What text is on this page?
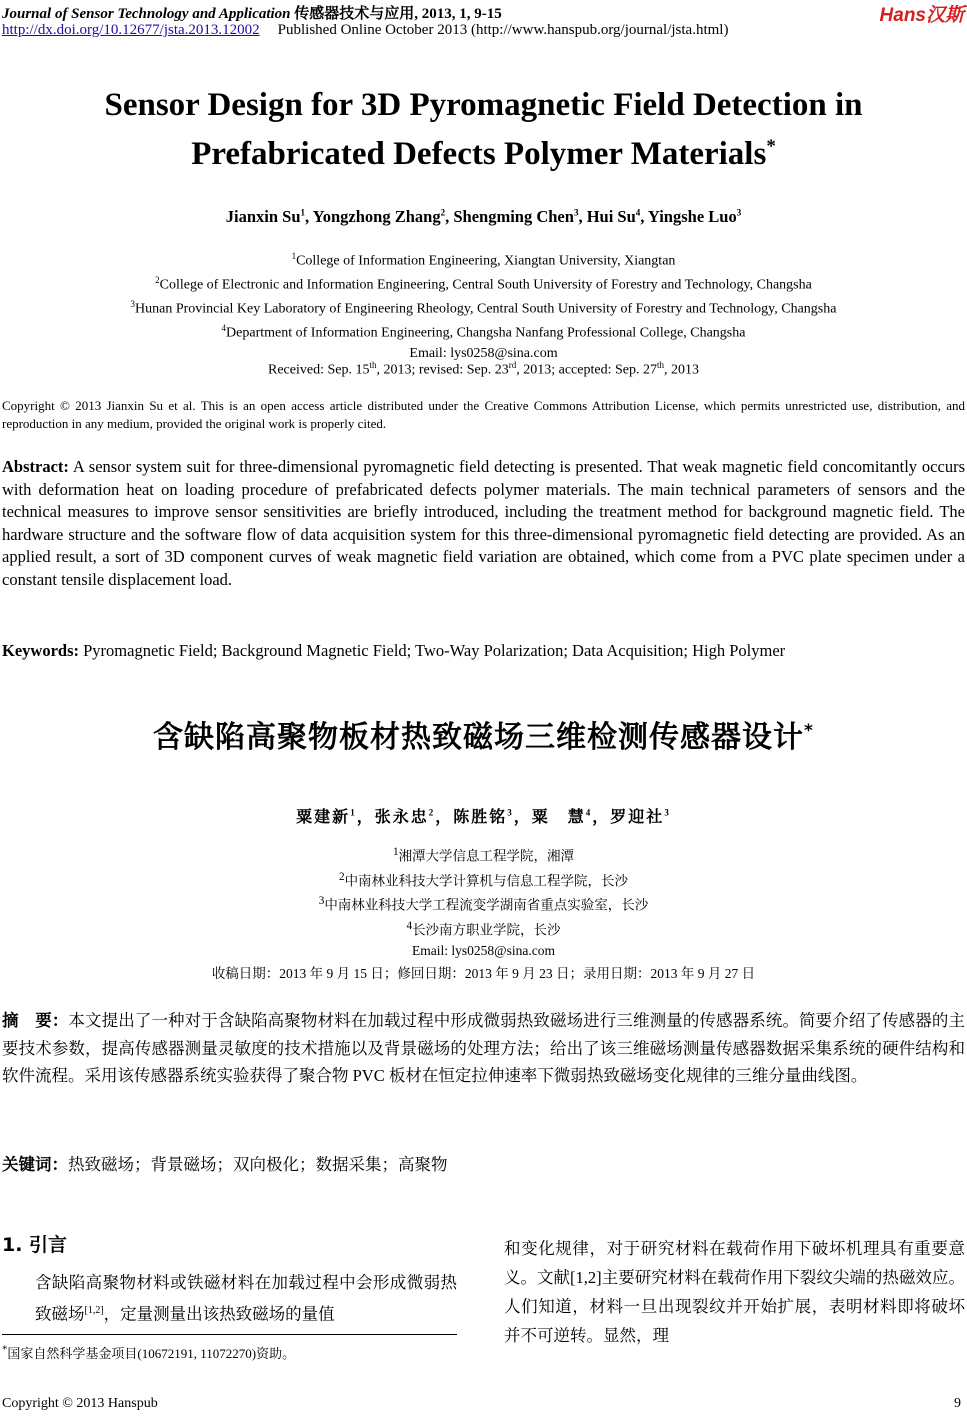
Journal of Sensor Technology and Application 传感器技术与应用, 2013, 1, 9-15	Hans汉斯
http://dx.doi.org/10.12677/jsta.2013.12002 Published Online October 2013 (http://www.hanspub.org/journal/jsta.html)
Sensor Design for 3D Pyromagnetic Field Detection in
Prefabricated Defects Polymer Materials*
Jianxin Su$^1$, Yongzhong Zhang$^2$, Shengming Chen$^3$, Hui Su$^4$, Yingshe Luo$^3$
$^1$College of Information Engineering, Xiangtan University, Xiangtan
$^2$College of Electronic and Information Engineering, Central South University of Forestry and Technology, Changsha
$^3$Hunan Provincial Key Laboratory of Engineering Rheology, Central South University of Forestry and Technology, Changsha
$^4$Department of Information Engineering, Changsha Nanfang Professional College, Changsha
Email: lys0258@sina.com
Received: Sep. 15th, 2013; revised: Sep. 23rd, 2013; accepted: Sep. 27th, 2013
Copyright © 2013 Jianxin Su et al. This is an open access article distributed under the Creative Commons Attribution License, which permits unrestricted use, distribution, and reproduction in any medium, provided the original work is properly cited.
Abstract: A sensor system suit for three-dimensional pyromagnetic field detecting is presented. That weak magnetic field concomitantly occurs with deformation heat on loading procedure of prefabricated defects polymer materials. The main technical parameters of sensors and the technical measures to improve sensor sensitivities are briefly introduced, including the treatment method for background magnetic field. The hardware structure and the software flow of data acquisition system for this three-dimensional pyromagnetic field detecting are provided. As an applied result, a sort of 3D component curves of weak magnetic field variation are obtained, which come from a PVC plate specimen under a constant tensile displacement load.
Keywords: Pyromagnetic Field; Background Magnetic Field; Two-Way Polarization; Data Acquisition; High Polymer
含缺陷高聚物板材热致磁场三维检测传感器设计*
粟建新$^1$，张永忠$^2$，陈胜铭$^3$，粟　慧$^4$，罗迎社$^3$
$^1$湘潭大学信息工程学院，湘潭
$^2$中南林业科技大学计算机与信息工程学院，长沙
$^3$中南林业科技大学工程流变学湖南省重点实验室，长沙
$^4$长沙南方职业学院，长沙
Email: lys0258@sina.com
收稿日期：2013 年 9 月 15 日；修回日期：2013 年 9 月 23 日；录用日期：2013 年 9 月 27 日
摘　要：本文提出了一种对于含缺陷高聚物材料在加载过程中形成微弱热致磁场进行三维测量的传感器系统。简要介绍了传感器的主要技术参数，提高传感器测量灵敏度的技术措施以及背景磁场的处理方法；给出了该三维磁场测量传感器数据采集系统的硬件结构和软件流程。采用该传感器系统实验获得了聚合物 PVC 板材在恒定拉伸速率下微弱热致磁场变化规律的三维分量曲线图。
关键词：热致磁场；背景磁场；双向极化；数据采集；高聚物
1. 引言
含缺陷高聚物材料或铁磁材料在加载过程中会形成微弱热致磁场[1,2]，定量测量出该热致磁场的量值
和变化规律，对于研究材料在载荷作用下破坏机理具有重要意义。文献[1,2]主要研究材料在载荷作用下裂纹尖端的热磁效应。人们知道，材料一旦出现裂纹并开始扩展，表明材料即将破坏并不可逆转。显然，理
*国家自然科学基金项目(10672191, 11072270)资助。
Copyright © 2013 Hanspub	9
